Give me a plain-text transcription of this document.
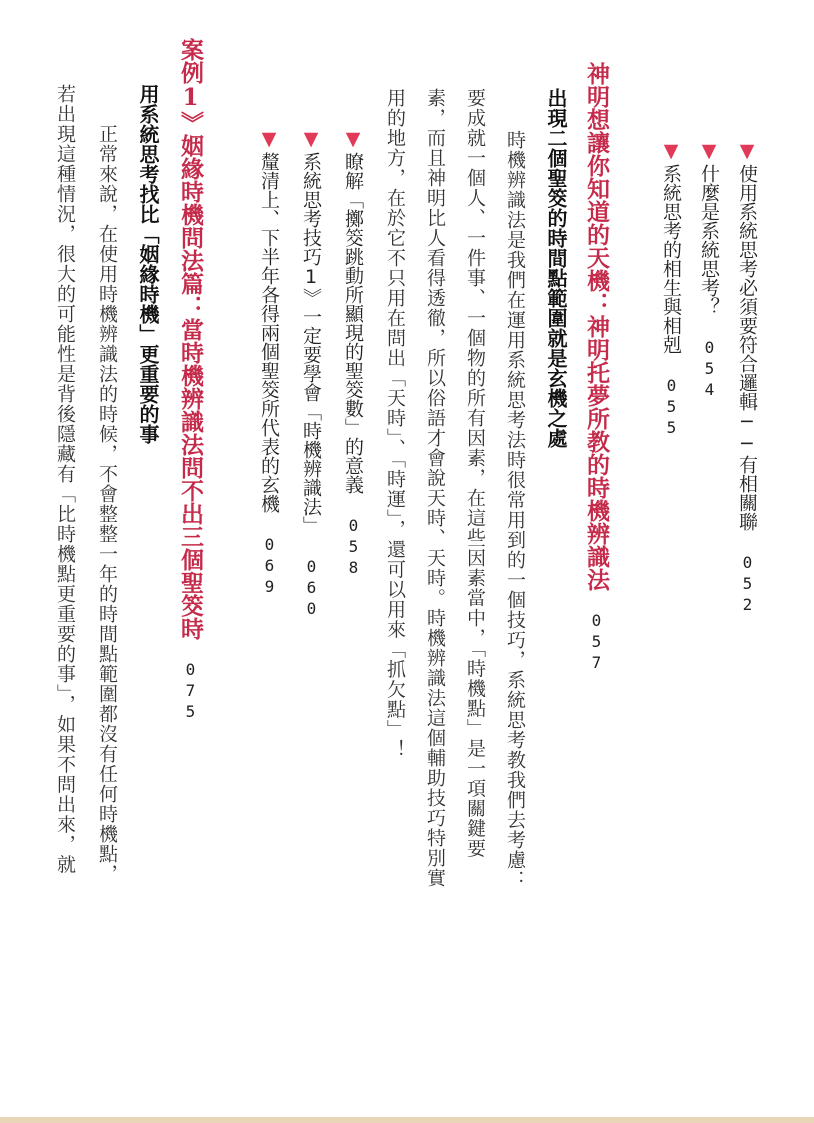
▼使用系統思考必須要符合邏輯──有相關聯052
▼什麼是系統思考？054
▼系統思考的相生與相剋055
神明想讓你知道的天機：神明托夢所教的時機辨識法057
出現二個聖筊的時間點範圍就是玄機之處
時機辨識法是我們在運用系統思考法時很常用到的一個技巧，系統思考教我們去考慮：
要成就一個人、一件事、一個物的所有因素，在這些因素當中，「時機點」是一項關鍵要
素，而且神明比人看得透徹，所以俗語才會說天時、天時。時機辨識法這個輔助技巧特別實
用的地方，在於它不只用在問出「天時」、「時運」，還可以用來「抓欠點」！
▼瞭解「擲筊跳動所顯現的聖筊數」的意義058
▼系統思考技巧1》一定要學會「時機辨識法」060
▼釐清上、下半年各得兩個聖筊所代表的玄機069
案例1》姻緣時機問法篇：當時機辨識法問不出三個聖筊時075
用系統思考找比「姻緣時機」更重要的事
正常來說，在使用時機辨識法的時候，不會整整一年的時間點範圍都沒有任何時機點，
若出現這種情況，很大的可能性是背後隱藏有「比時機點更重要的事」，如果不問出來，就
